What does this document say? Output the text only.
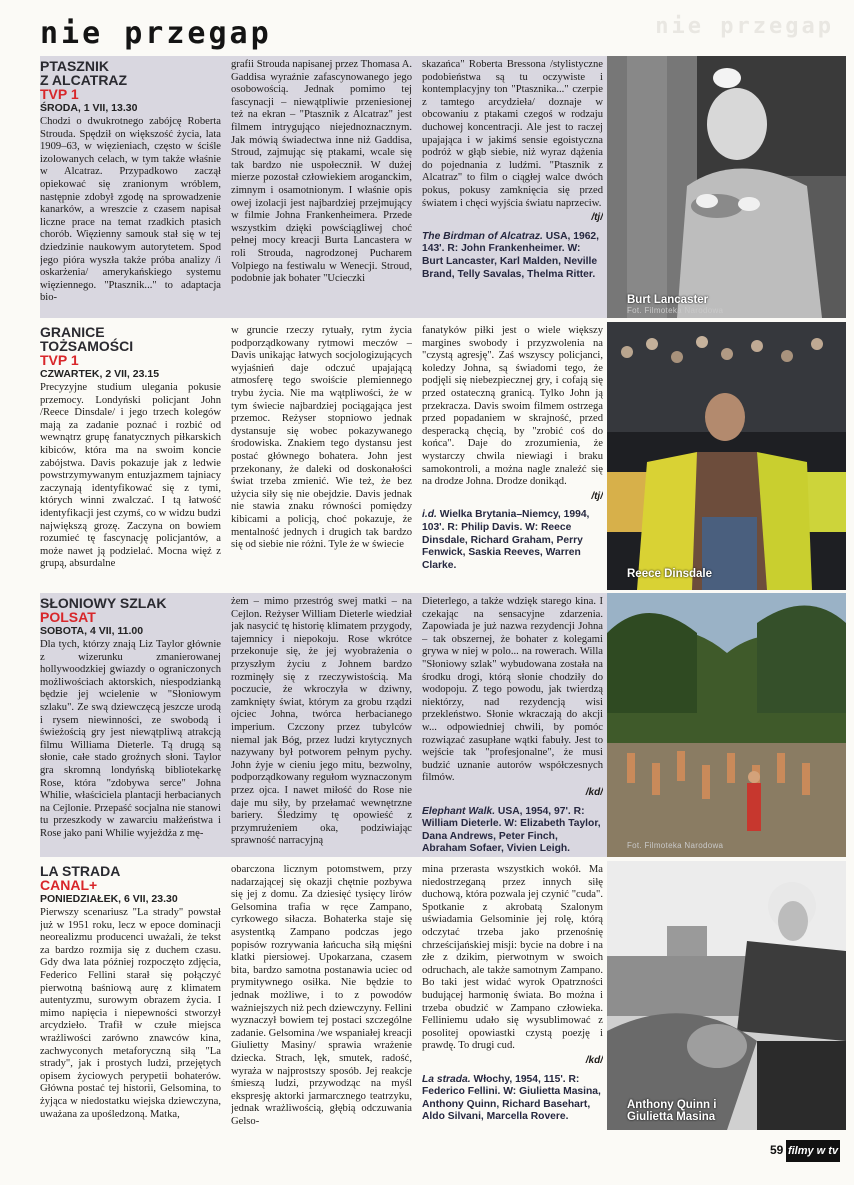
nie przegap	nie przegap
PTASZNIK
Z ALCATRAZ
TVP 1
ŚRODA, 1 VII, 13.30

Chodzi o dwukrotnego zabójcę Roberta Strouda. Spędził on większość życia, lata 1909–63, w więzieniach, często w ściśle izolowanych celach, w tym także właśnie w Alcatraz. Przypadkowo zaczął opiekować się zranionym wróblem, następnie zdobył zgodę na sprowadzenie kanarków, a wreszcie z czasem napisał liczne prace na temat rzadkich ptasich chorób. Więzienny samouk stał się w tej dziedzinie naukowym autorytetem. Spod jego pióra wyszła także próba analizy /i oskarżenia/ amerykańskiego systemu więziennego. "Ptasznik..." to adaptacja bio-

grafii Strouda napisanej przez Thomasa A. Gaddisa wyraźnie zafascynowanego jego osobowością. Jednak pomimo tej fascynacji – niewątpliwie przeniesionej też na ekran – "Ptasznik z Alcatraz" jest filmem intrygująco niejednoznacznym. Jak mówią świadectwa inne niż Gaddisa, Stroud, zajmując się ptakami, wcale się tak bardzo nie uspołecznił. W dużej mierze pozostał człowiekiem aroganckim, zimnym i osamotnionym. I właśnie opis owej izolacji jest najbardziej przejmujący w filmie Johna Frankenheimera. Przede wszystkim dzięki powściągliwej choć pełnej mocy kreacji Burta Lancastera w roli Strouda, nagrodzonej Pucharem Volpiego na festiwalu w Wenecji. Stroud, podobnie jak bohater "Ucieczki

skazańca" Roberta Bressona /stylistyczne podobieństwa są tu oczywiste i kontemplacyjny ton "Ptasznika..." czerpie z tamtego arcydzieła/ doznaje w obcowaniu z ptakami czegoś w rodzaju duchowej koncentracji. Ale jest to raczej upajająca i w jakimś sensie egoistyczna podróż w głąb siebie, niż wyraz dążenia do pojednania z ludźmi. "Ptasznik z Alcatraz" to film o ciągłej walce dwóch pokus, pokusy zamknięcia się przed światem i chęci wyjścia światu naprzeciw.

/tj/
The Birdman of Alcatraz. USA, 1962, 143'. R: John Frankenheimer. W: Burt Lancaster, Karl Malden, Neville Brand, Telly Savalas, Thelma Ritter.
Burt Lancaster
Fot. Filmoteka Narodowa
GRANICE
TOŻSAMOŚCI
TVP 1
CZWARTEK, 2 VII, 23.15

Precyzyjne studium ulegania pokusie przemocy. Londyński policjant John /Reece Dinsdale/ i jego trzech kolegów mają za zadanie poznać i rozbić od wewnątrz grupę fanatycznych piłkarskich kibiców, która ma na swoim koncie zabójstwa. Davis pokazuje jak z ledwie powstrzymywanym entuzjazmem tajniacy zaczynają identyfikować się z tymi, których winni zwalczać. I tą łatwość identyfikacji jest czymś, co w widzu budzi największą grozę. Zaczyna on bowiem rozumieć tę fascynację policjantów, a może nawet ją podzielać. Mocna więź z grupą, absurdalne

w gruncie rzeczy rytuały, rytm życia podporządkowany rytmowi meczów – Davis unikając łatwych socjologizujących wyjaśnień daje odczuć upajającą atmosferę tego swoiście plemiennego trybu życia. Nie ma wątpliwości, że w tym świecie najbardziej pociągająca jest przemoc. Reżyser stopniowo jednak dystansuje się wobec pokazywanego środowiska. Znakiem tego dystansu jest postać głównego bohatera. John jest przekonany, że daleki od doskonałości świat trzeba zmienić. Wie też, że bez użycia siły się nie obejdzie. Davis jednak nie stawia znaku równości pomiędzy kibicami a policją, choć pokazuje, że mentalność jednych i drugich tak bardzo się od siebie nie różni. Tyle że w świecie

fanatyków piłki jest o wiele większy margines swobody i przyzwolenia na "czystą agresję". Zaś wszyscy policjanci, koledzy Johna, są świadomi tego, że podjęli się niebezpiecznej gry, i cofają się przed ostateczną granicą. Tylko John ją przekracza. Davis swoim filmem ostrzega przed popadaniem w skrajność, przed desperacką chęcią, by "zrobić coś do końca". Daje do zrozumienia, że wystarczy chwila niewiagi i braku samokontroli, a można nagle znaleźć się na drodze Johna. Drodze donikąd.

/tj/
i.d. Wielka Brytania–Niemcy, 1994, 103'. R: Philip Davis. W: Reece Dinsdale, Richard Graham, Perry Fenwick, Saskia Reeves, Warren Clarke.
Reece Dinsdale
SŁONIOWY SZLAK
POLSAT
SOBOTA, 4 VII, 11.00

Dla tych, którzy znają Liz Taylor głównie z wizerunku zmanierowanej hollywoodzkiej gwiazdy o ograniczonych możliwościach aktorskich, niespodzianką będzie jej wcielenie w "Słoniowym szlaku". Ze swą dziewczęcą jeszcze urodą i rysem niewinności, ze swobodą i świeżością gry jest niewątpliwą atrakcją filmu Williama Dieterle. Tą drugą są słonie, całe stado groźnych słoni. Taylor gra skromną londyńską bibliotekarkę Rose, która "zdobywa serce" Johna Whilie, właściciela plantacji herbacianych na Cejlonie. Przepaść socjalna nie stanowi tu przeszkody w zawarciu małżeństwa i Rose jako pani Whilie wyjeżdża z mę-

żem – mimo przestróg swej matki – na Cejlon. Reżyser William Dieterle wiedział jak nasycić tę historię klimatem przygody, tajemnicy i niepokoju. Rose wkrótce przekonuje się, że jej wyobrażenia o przyszłym życiu z Johnem bardzo rozminęły się z rzeczywistością. Ma poczucie, że wkroczyła w dziwny, zamknięty świat, którym za grobu rządzi ojciec Johna, twórca herbacianego imperium. Czczony przez tubylców niemal jak Bóg, przez ludzi krytycznych nazywany był potworem pełnym pychy. John żyje w cieniu jego mitu, bezwolny, podporządkowany regułom wyznaczonym przez ojca. I nawet miłość do Rose nie daje mu siły, by przełamać wewnętrzne bariery. Śledzimy tę opowieść z przymrużeniem oka, podziwiając sprawność narracyjną

Dieterlego, a także wdzięk starego kina. I czekając na sensacyjne zdarzenia. Zapowiada je już nazwa rezydencji Johna – tak obszernej, że bohater z kolegami grywa w niej w polo... na rowerach. Willa "Słoniowy szlak" wybudowana została na środku drogi, którą słonie chodziły do wodopoju. Z tego powodu, jak twierdzą niektórzy, nad rezydencją wisi przekleństwo. Słonie wkraczają do akcji w... odpowiedniej chwili, by pomóc rozwiązać zasupłane wątki fabuły. Jest to wejście tak "profesjonalne", że musi budzić uznanie autorów współczesnych filmów.

/kd/
Elephant Walk. USA, 1954, 97'. R: William Dieterle. W: Elizabeth Taylor, Dana Andrews, Peter Finch, Abraham Sofaer, Vivien Leigh.	Fot. Filmoteka Narodowa
LA STRADA
CANAL+
PONIEDZIAŁEK, 6 VII, 23.30

Pierwszy scenariusz "La strady" powstał już w 1951 roku, lecz w epoce dominacji neorealizmu producenci uważali, że tekst za bardzo rozmija się z duchem czasu. Gdy dwa lata później rozpoczęto zdjęcia, Federico Fellini starał się połączyć pierwotną baśniową aurę z klimatem autentyzmu, surowym obrazem życia. I mimo napięcia i niepewności stworzył arcydzieło. Trafił w czułe miejsca wrażliwości zarówno znawców kina, zachwyconych metaforyczną siłą "La strady", jak i prostych ludzi, przejętych opisem życiowych perypetii bohaterów. Główna postać tej historii, Gelsomina, to żyjąca w niedostatku wiejska dziewczyna, uważana za upośledzoną. Matka,

obarczona licznym potomstwem, przy nadarzającej się okazji chętnie pozbywa się jej z domu. Za dziesięć tysięcy lirów Gelsomina trafia w ręce Zampano, cyrkowego siłacza. Bohaterka staje się asystentką Zampano podczas jego popisów rozrywania łańcucha siłą mięśni klatki piersiowej. Upokarzana, czasem bita, bardzo samotna postanawia uciec od prymitywnego osiłka. Nie będzie to jednak możliwe, i to z powodów ważniejszych niż pech dziewczyny. Fellini wyznaczył bowiem tej postaci szczególne zadanie. Gelsomina /we wspaniałej kreacji Giulietty Masiny/ sprawia wrażenie dziecka. Strach, lęk, smutek, radość, wyraża w najprostszy sposób. Jej reakcje śmieszą ludzi, przywodząc na myśl ekspresję aktorki jarmarcznego teatrzyku, jednak wrażliwością, głębią odczuwania Gelso-

mina przerasta wszystkich wokół. Ma niedostrzeganą przez innych siłę duchową, która pozwala jej czynić "cuda". Spotkanie z akrobatą Szalonym uświadamia Gelsominie jej rolę, którą odczytać trzeba jako przenośnię chrześcijańskiej misji: bycie na dobre i na złe z dzikim, pierwotnym w swoich odruchach, ale także samotnym Zampano. Bo taki jest widać wyrok Opatrzności budującej harmonię świata. Bo można i trzeba obudzić w Zampano człowieka. Felliniemu udało się wysublimować z posolitej opowiastki czystą poezję i prawdę. To drugi cud.

/kd/
La strada. Włochy, 1954, 115'. R: Federico Fellini. W: Giulietta Masina, Anthony Quinn, Richard Basehart, Aldo Silvani, Marcella Rovere.
Anthony Quinn i Giulietta Masina
59 filmy w tv
